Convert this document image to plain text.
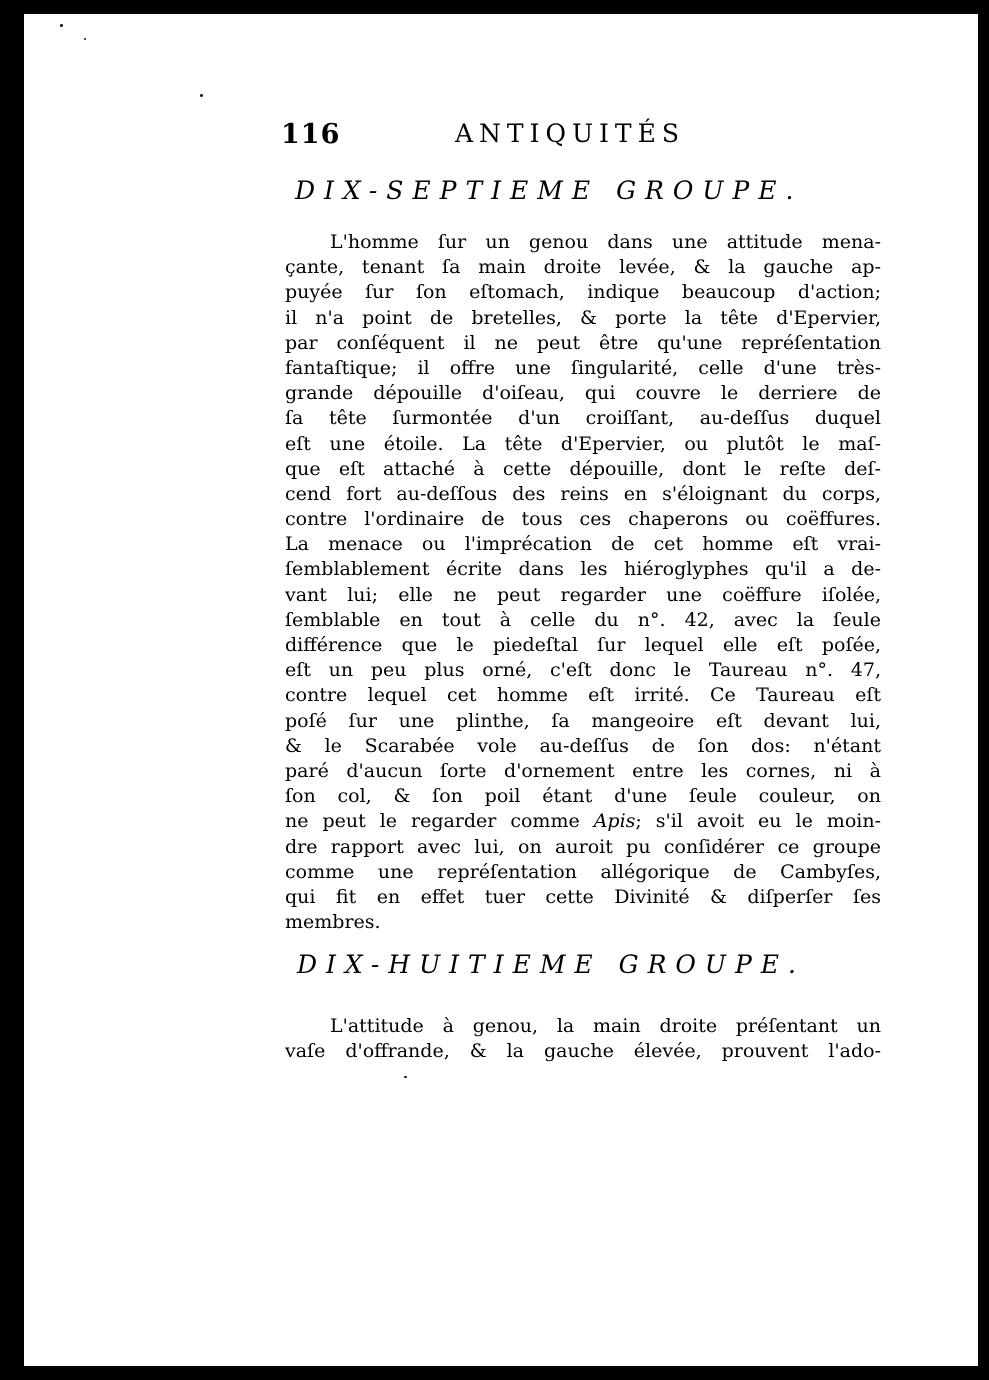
116	ANTIQUITÉS
DIX-SEPTIEME GROUPE.
L'homme ſur un genou dans une attitude mena-
çante, tenant ſa main droite levée, & la gauche ap-
puyée ſur ſon eſtomach, indique beaucoup d'action;
il n'a point de bretelles, & porte la tête d'Epervier,
par conſéquent il ne peut être qu'une repréſentation
fantaſtique; il offre une ſingularité, celle d'une très-
grande dépouille d'oiſeau, qui couvre le derriere de
ſa tête ſurmontée d'un croiſſant, au-deſſus duquel
eſt une étoile. La tête d'Epervier, ou plutôt le maſ-
que eſt attaché à cette dépouille, dont le reſte deſ-
cend fort au-deſſous des reins en s'éloignant du corps,
contre l'ordinaire de tous ces chaperons ou coëffures.
La menace ou l'imprécation de cet homme eſt vrai-
ſemblablement écrite dans les hiéroglyphes qu'il a de-
vant lui; elle ne peut regarder une coëffure iſolée,
ſemblable en tout à celle du n°. 42, avec la ſeule
différence que le piedeſtal ſur lequel elle eſt poſée,
eſt un peu plus orné, c'eſt donc le Taureau n°. 47,
contre lequel cet homme eſt irrité. Ce Taureau eſt
poſé ſur une plinthe, ſa mangeoire eſt devant lui,
& le Scarabée vole au-deſſus de ſon dos: n'étant
paré d'aucun ſorte d'ornement entre les cornes, ni à
ſon col, & ſon poil étant d'une ſeule couleur, on
ne peut le regarder comme Apis; s'il avoit eu le moin-
dre rapport avec lui, on auroit pu conſidérer ce groupe
comme une repréſentation allégorique de Cambyſes,
qui fit en effet tuer cette Divinité & diſperſer ſes
membres.
DIX-HUITIEME GROUPE.
L'attitude à genou, la main droite préſentant un
vaſe d'offrande, & la gauche élevée, prouvent l'ado-
